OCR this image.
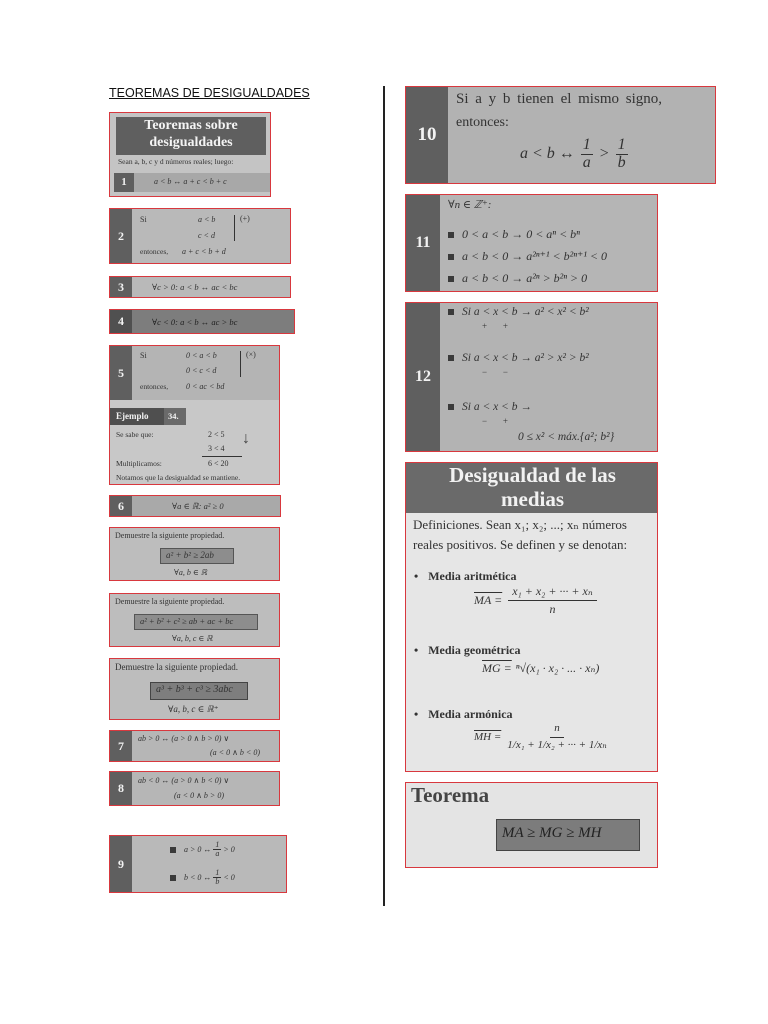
TEOREMAS DE DESIGUALDADES
Teoremas sobre
desigualdades
Sean a, b, c y d números reales; luego:
1	a < b ↔ a + c < b + c
2
Si	a < b	(+)
c < d
entonces, a + c < b + d
3	∀c > 0: a < b ↔ ac < bc
4	∀c < 0: a < b ↔ ac > bc
5
Si	0 < a < b	(×)
0 < c < d
entonces, 0 < ac < bd
Ejemplo 34.
Se sabe que:	2 < 5
3 < 4
↓
Multiplicamos:	6 < 20
Notamos que la desigualdad se mantiene.
6	∀a ∈ ℝ: a² ≥ 0
Demuestre la siguiente propiedad.
a² + b² ≥ 2ab
∀a, b ∈ ℝ
Demuestre la siguiente propiedad.
a² + b² + c² ≥ ab + ac + bc
∀a, b, c ∈ ℝ
Demuestre la siguiente propiedad.
a³ + b³ + c³ ≥ 3abc
∀a, b, c ∈ ℝ⁺
7	ab > 0 ↔ (a > 0 ∧ b > 0) ∨
(a < 0 ∧ b < 0)
8
ab < 0 ↔ (a > 0 ∧ b < 0) ∨
(a < 0 ∧ b > 0)
9
a > 0 ↔ $\frac{1}{a} > 0$
b < 0 ↔ $\frac{1}{b} < 0$
10
Si a y b tienen el mismo signo,
entonces:
a < b ↔ $\frac{1}{a} > \frac{1}{b}$
11
∀n ∈ ℤ⁺:
0 < a < b → 0 < aⁿ < bⁿ
a < b < 0 → a²ⁿ⁺¹ < b²ⁿ⁺¹ < 0
a < b < 0 → a²ⁿ > b²ⁿ > 0
12
Si a < x < b → a² < x² < b²
+       +
Si a < x < b → a² > x² > b²
−       −
Si a < x < b →
−       +
0 ≤ x² < máx.{a²; b²}
Desigualdad de las
medias
Definiciones. Sean x₁; x₂; ...; xₙ números
reales positivos. Se definen y se denotan:
• Media aritmética
MA = $\frac{\text{x₁ + x₂ + ··· + xₙ}}{n}$
• Media geométrica
MG = ⁿ√(x₁ · x₂ · ... · xₙ)
• Media armónica
MH = $\frac{n}{\text{1/x₁ + 1/x₂ + ··· + 1/xₙ}}$
Teorema
MA ≥ MG ≥ MH
